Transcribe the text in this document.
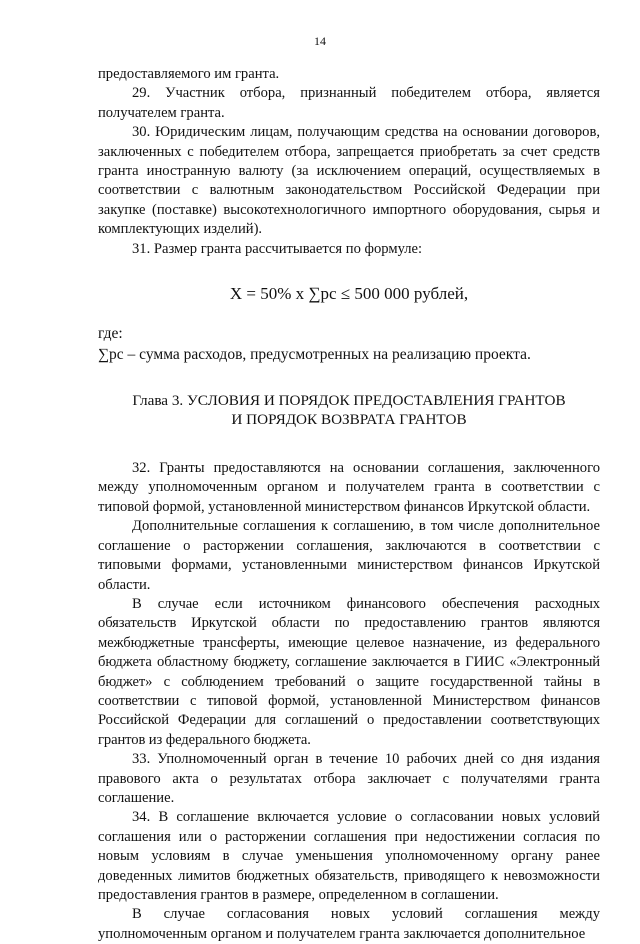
14

предоставляемого им гранта.

29. Участник отбора, признанный победителем отбора, является получателем гранта.

30. Юридическим лицам, получающим средства на основании договоров, заключенных с победителем отбора, запрещается приобретать за счет средств гранта иностранную валюту (за исключением операций, осуществляемых в соответствии с валютным законодательством Российской Федерации при закупке (поставке) высокотехнологичного импортного оборудования, сырья и комплектующих изделий).

31. Размер гранта рассчитывается по формуле:

X = 50% x ∑рс ≤ 500 000 рублей,

где:

∑рс – сумма расходов, предусмотренных на реализацию проекта.

Глава 3. УСЛОВИЯ И ПОРЯДОК ПРЕДОСТАВЛЕНИЯ ГРАНТОВ
И ПОРЯДОК ВОЗВРАТА ГРАНТОВ

32. Гранты предоставляются на основании соглашения, заключенного между уполномоченным органом и получателем гранта в соответствии с типовой формой, установленной министерством финансов Иркутской области.

Дополнительные соглашения к соглашению, в том числе дополнительное соглашение о расторжении соглашения, заключаются в соответствии с типовыми формами, установленными министерством финансов Иркутской области.

В случае если источником финансового обеспечения расходных обязательств Иркутской области по предоставлению грантов являются межбюджетные трансферты, имеющие целевое назначение, из федерального бюджета областному бюджету, соглашение заключается в ГИИС «Электронный бюджет» с соблюдением требований о защите государственной тайны в соответствии с типовой формой, установленной Министерством финансов Российской Федерации для соглашений о предоставлении соответствующих грантов из федерального бюджета.

33. Уполномоченный орган в течение 10 рабочих дней со дня издания правового акта о результатах отбора заключает с получателями гранта соглашение.

34. В соглашение включается условие о согласовании новых условий соглашения или о расторжении соглашения при недостижении согласия по новым условиям в случае уменьшения уполномоченному органу ранее доведенных лимитов бюджетных обязательств, приводящего к невозможности предоставления грантов в размере, определенном в соглашении.

В случае согласования новых условий соглашения между уполномоченным органом и получателем гранта заключается дополнительное
